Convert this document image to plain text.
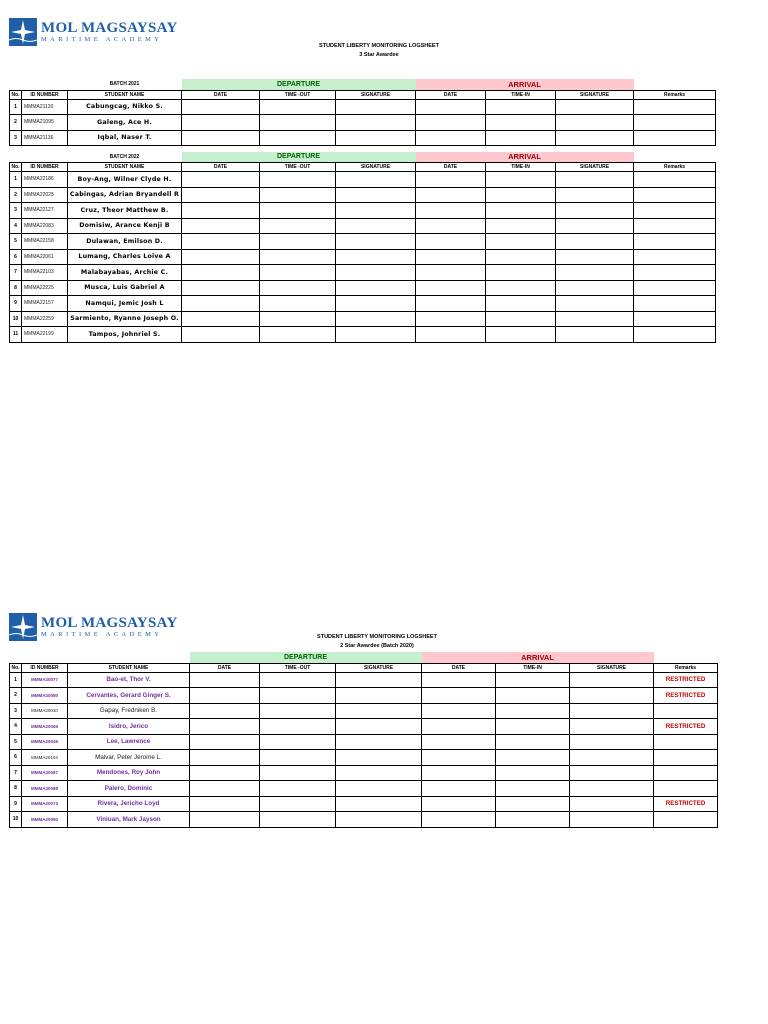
MOL MAGSAYSAY
MARITIME ACADEMY
STUDENT LIBERTY MONITORING LOGSHEET
3 Star Awardee
		BATCH 2021	DEPARTURE			ARRIVAL			
No.	ID NUMBER	STUDENT NAME	DATE	TIME -OUT	SIGNATURE	DATE	TIME-IN	SIGNATURE	Remarks
1	MMMA21130	Cabungcag, Nikko S.							
2	MMMA21095	Galeng, Ace H.							
3	MMMA21136	Iqbal, Naser T.							

		BATCH 2022	DEPARTURE			ARRIVAL			
No.	ID NUMBER	STUDENT NAME	DATE	TIME -OUT	SIGNATURE	DATE	TIME-IN	SIGNATURE	Remarks
1	MMMA22186	Boy-Ang, Wilner Clyde H.							
2	MMMA22025	Cabingas, Adrian Bryandell R							
3	MMMA22127	Cruz, Theor Matthew B.							
4	MMMA22083	Domisiw, Arance Kenji B							
5	MMMA22158	Dulawan, Emilson D.							
6	MMMA22061	Lumang, Charles Loive A							
7	MMMA22103	Malabayabas, Archie C.							
8	MMMA22225	Musca, Luis Gabriel A							
9	MMMA22157	Namqui, Jemic Josh L							
10	MMMA22259	Sarmiento, Ryanne Joseph O.							
11	MMMA22199	Tampos, Johnriel S.							
MOL MAGSAYSAY
MARITIME ACADEMY	STUDENT LIBERTY MONITORING LOGSHEET
2 Star Awardee (Batch 2020)
			DEPARTURE			ARRIVAL			
No.	ID NUMBER	STUDENT NAME	DATE	TIME -OUT	SIGNATURE	DATE	TIME-IN	SIGNATURE	Remarks
1	MMMA20077	Bao-et, Thor V.							RESTRICTED
2	MMMA20080	Cervantes, Gerard Ginger S.							RESTRICTED
3	MMMA20010	Gapay, Fredniken B.							
4	MMMA20065	Isidro, Jerico							RESTRICTED
5	MMMA20046	Lee, Lawrence							
6	MMMA20104	Malvar, Peter Jerome L.							
7	MMMA20087	Mendones, Roy John							
8	MMMA20088	Palero, Dominic							
9	MMMA20073	Rivera, Jericho Loyd							RESTRICTED
10	MMMA20090	Viniuan, Mark Jayson							
